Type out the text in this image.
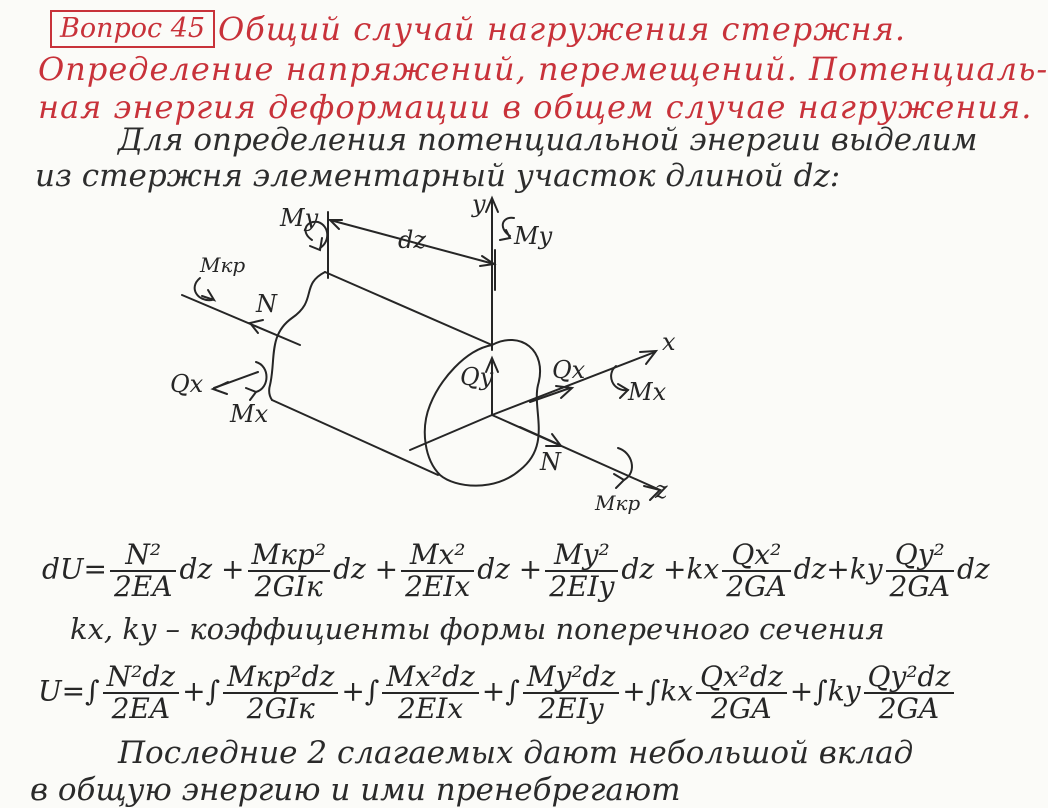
Вопрос 45 Общий случай нагружения стержня.
Определение напряжений, перемещений. Потенциаль-
ная энергия деформации в общем случае нагружения.
Для определения потенциальной энергии выделим
из стержня элементарный участок длиной dz:
My
My
dz
y
Mкр
N
Qx
Mx
Qy Qx
x
Mx
N
Mкр z
$dU= \frac{\text{N²}}{2EA}$ dz + $\frac{\text{Mкр²}}{\text{2GIк}}$ dz + $\frac{\text{Mx²}}{\text{2EIx}}$ dz + $\frac{\text{My²}}{\text{2EIy}}$ dz $+kx \frac{\text{Qx²}}{2GA} dz+ky \frac{\text{Qy²}}{2GA}$ dz
kx, ky – коэффициенты формы поперечного сечения
$U=\int \frac{\text{N²dz}}{2EA}$ +∫ $\frac{\text{Mкр²dz}}{\text{2GIк}}$ +∫ $\frac{\text{Mx²dz}}{\text{2EIx}}$ +∫ $\frac{\text{My²dz}}{\text{2EIy}} +\int kx \frac{\text{Qx²dz}}{2GA} +\int ky \frac{\text{Qy²dz}}{2GA}$
Последние 2 слагаемых дают небольшой вклад
в общую энергию и ими пренебрегают
